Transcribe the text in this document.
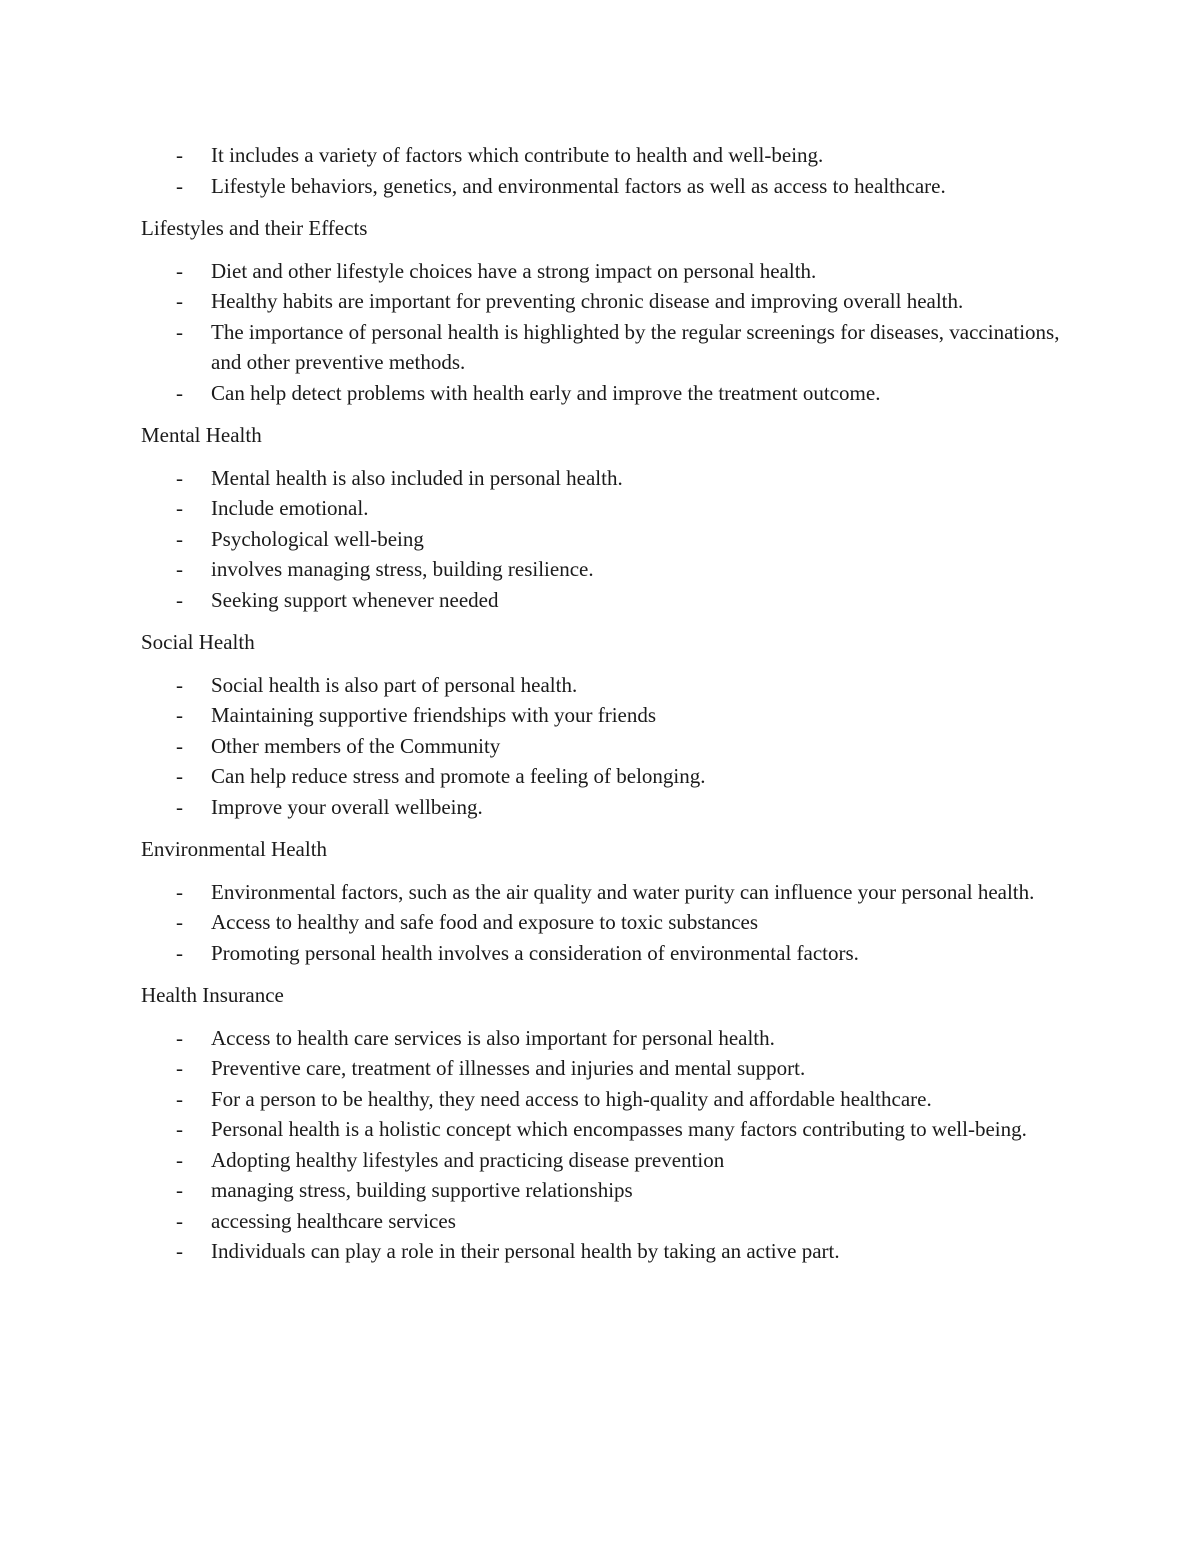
- It includes a variety of factors which contribute to health and well-being.
- Lifestyle behaviors, genetics, and environmental factors as well as access to healthcare.

Lifestyles and their Effects

- Diet and other lifestyle choices have a strong impact on personal health.
- Healthy habits are important for preventing chronic disease and improving overall health.
- The importance of personal health is highlighted by the regular screenings for diseases, vaccinations, and other preventive methods.
- Can help detect problems with health early and improve the treatment outcome.

Mental Health

- Mental health is also included in personal health.
- Include emotional.
- Psychological well-being
- involves managing stress, building resilience.
- Seeking support whenever needed

Social Health

- Social health is also part of personal health.
- Maintaining supportive friendships with your friends
- Other members of the Community
- Can help reduce stress and promote a feeling of belonging.
- Improve your overall wellbeing.

Environmental Health

- Environmental factors, such as the air quality and water purity can influence your personal health.
- Access to healthy and safe food and exposure to toxic substances
- Promoting personal health involves a consideration of environmental factors.

Health Insurance

- Access to health care services is also important for personal health.
- Preventive care, treatment of illnesses and injuries and mental support.
- For a person to be healthy, they need access to high-quality and affordable healthcare.
- Personal health is a holistic concept which encompasses many factors contributing to well-being.
- Adopting healthy lifestyles and practicing disease prevention
- managing stress, building supportive relationships
- accessing healthcare services
- Individuals can play a role in their personal health by taking an active part.
